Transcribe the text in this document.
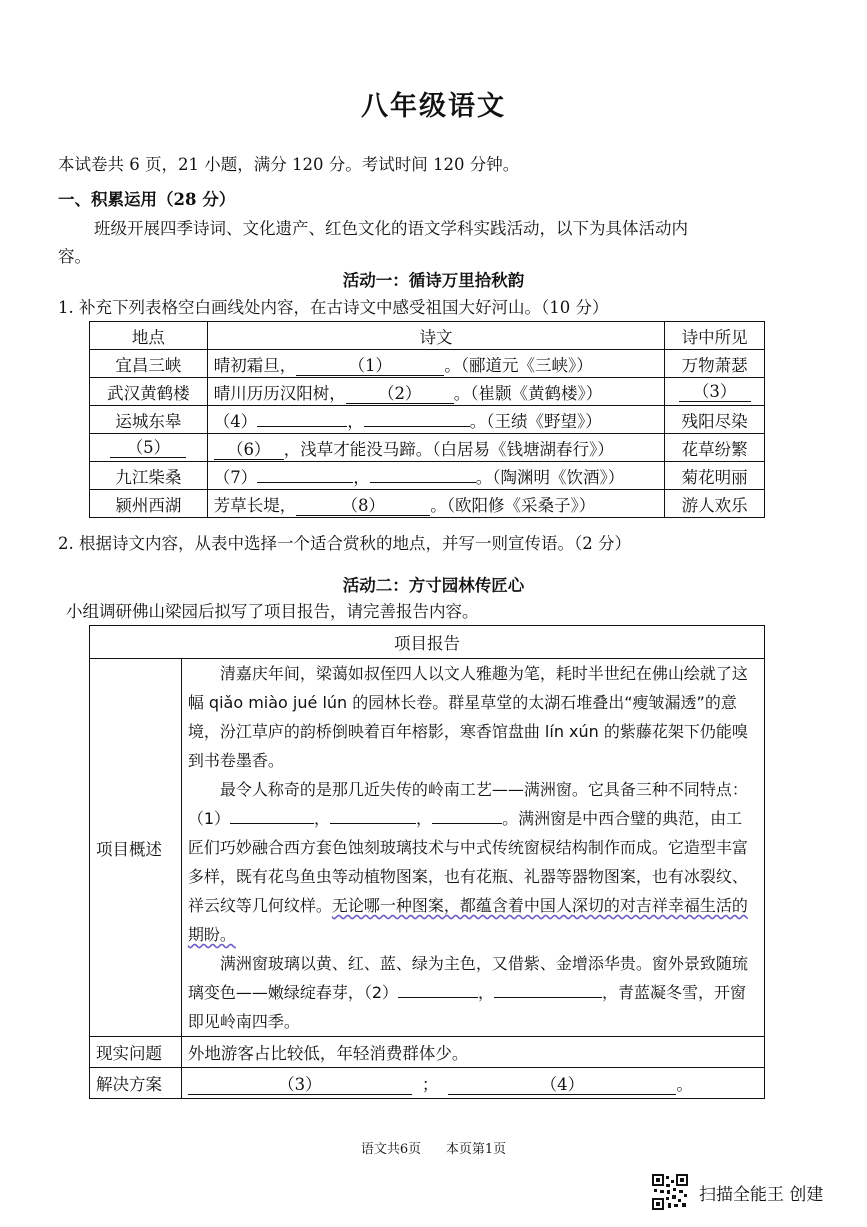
八年级语文
本试卷共 6 页，21 小题，满分 120 分。考试时间 120 分钟。
一、积累运用（28 分）
班级开展四季诗词、文化遗产、红色文化的语文学科实践活动，以下为具体活动内
容。
活动一：循诗万里拾秋韵
1. 补充下列表格空白画线处内容，在古诗文中感受祖国大好河山。（10 分）
地点	诗文	诗中所见
宜昌三峡	晴初霜旦， （1） 。（郦道元《三峡》）	万物萧瑟
武汉黄鹤楼	晴川历历汉阳树， （2） 。（崔颢《黄鹤楼》）	（3）
运城东皋	（4） ， 。（王绩《野望》）	残阳尽染
（5）	（6） ，浅草才能没马蹄。（白居易《钱塘湖春行》）	花草纷繁
九江柴桑	（7） ， 。（陶渊明《饮酒》）	菊花明丽
颍州西湖	芳草长堤， （8） 。（欧阳修《采桑子》）	游人欢乐
2. 根据诗文内容，从表中选择一个适合赏秋的地点，并写一则宣传语。（2 分）
活动二：方寸园林传匠心
小组调研佛山梁园后拟写了项目报告，请完善报告内容。
项目报告	
项目概述	清嘉庆年间，梁蔼如叔侄四人以文人雅趣为笔，耗时半世纪在佛山绘就了这幅 qiǎo miào jué lún 的园林长卷。群星草堂的太湖石堆叠出“瘦皱漏透”的意境，汾江草庐的韵桥倒映着百年榕影，寒香馆盘曲 lín xún 的紫藤花架下仍能嗅到书卷墨香。

最令人称奇的是那几近失传的岭南工艺——满洲窗。它具备三种不同特点：（1） ， ， 。满洲窗是中西合璧的典范，由工匠们巧妙融合西方套色蚀刻玻璃技术与中式传统窗棂结构制作而成。它造型丰富多样，既有花鸟鱼虫等动植物图案，也有花瓶、礼器等器物图案，也有冰裂纹、祥云纹等几何纹样。无论哪一种图案，都蕴含着中国人深切的对吉祥幸福生活的期盼。

满洲窗玻璃以黄、红、蓝、绿为主色，又借紫、金增添华贵。窗外景致随琉璃变色——嫩绿绽春芽，（2） ， ，青蓝凝冬雪，开窗即见岭南四季。

现实问题	外地游客占比较低，年轻消费群体少。
解决方案	（3） ； （4） 。
语文共6页      本页第1页
扫描全能王 创建
